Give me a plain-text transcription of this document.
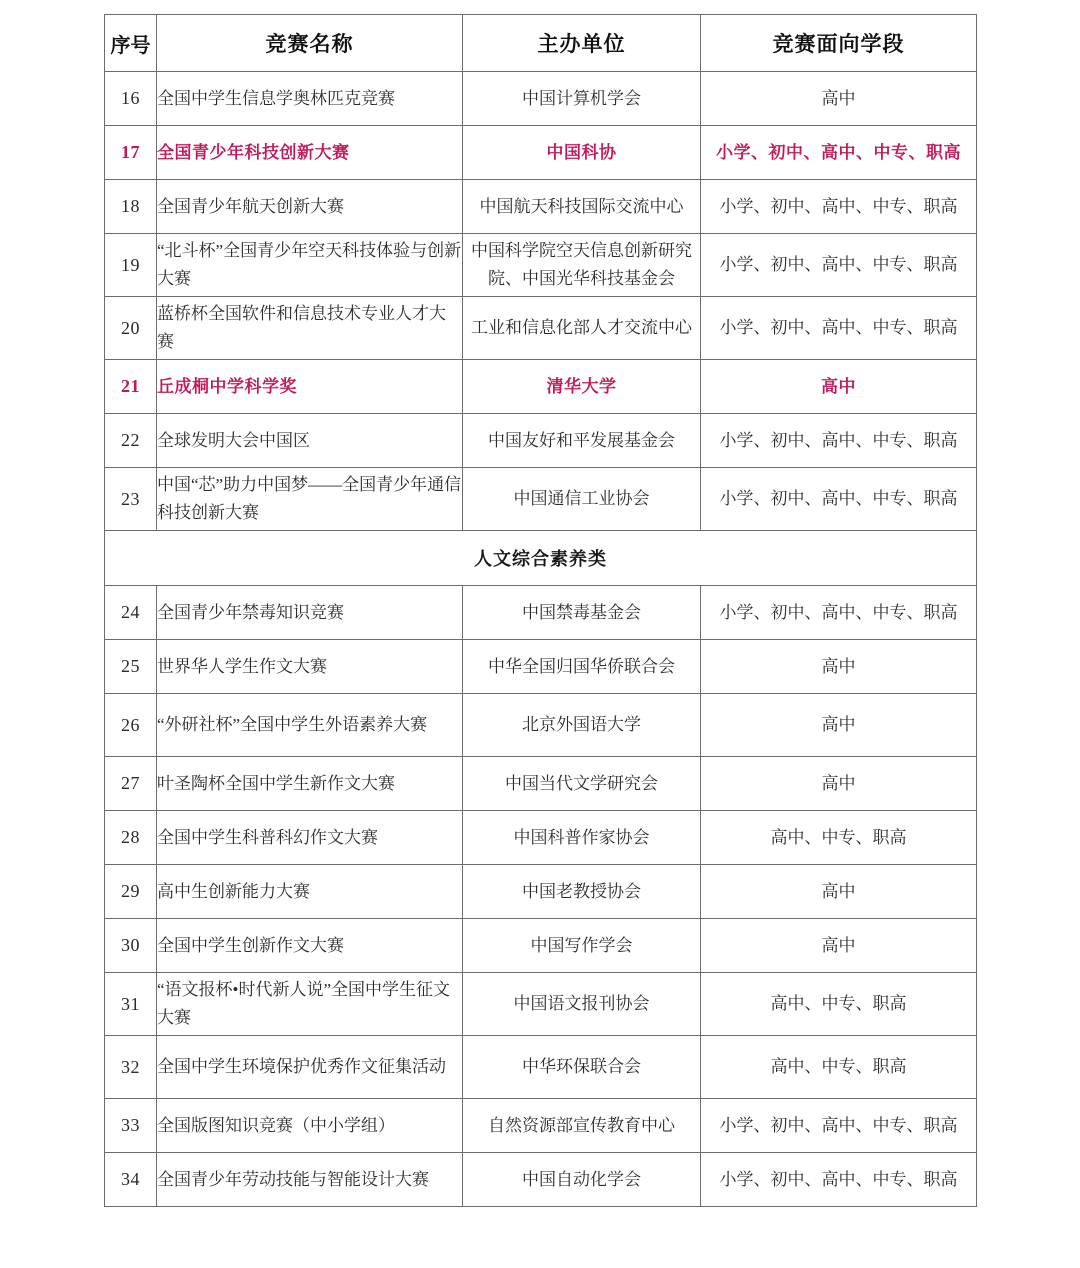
序号	竞赛名称	主办单位	竞赛面向学段
16	全国中学生信息学奥林匹克竞赛	中国计算机学会	高中
17	全国青少年科技创新大赛	中国科协	小学、初中、高中、中专、职高
18	全国青少年航天创新大赛	中国航天科技国际交流中心	小学、初中、高中、中专、职高
19	“北斗杯”全国青少年空天科技体验与创新大赛	中国科学院空天信息创新研究院、中国光华科技基金会	小学、初中、高中、中专、职高
20	蓝桥杯全国软件和信息技术专业人才大赛	工业和信息化部人才交流中心	小学、初中、高中、中专、职高
21	丘成桐中学科学奖	清华大学	高中
22	全球发明大会中国区	中国友好和平发展基金会	小学、初中、高中、中专、职高
23	中国“芯”助力中国梦——全国青少年通信科技创新大赛	中国通信工业协会	小学、初中、高中、中专、职高
人文综合素养类			
24	全国青少年禁毒知识竞赛	中国禁毒基金会	小学、初中、高中、中专、职高
25	世界华人学生作文大赛	中华全国归国华侨联合会	高中
26	“外研社杯”全国中学生外语素养大赛	北京外国语大学	高中
27	叶圣陶杯全国中学生新作文大赛	中国当代文学研究会	高中
28	全国中学生科普科幻作文大赛	中国科普作家协会	高中、中专、职高
29	高中生创新能力大赛	中国老教授协会	高中
30	全国中学生创新作文大赛	中国写作学会	高中
31	“语文报杯•时代新人说”全国中学生征文大赛	中国语文报刊协会	高中、中专、职高
32	全国中学生环境保护优秀作文征集活动	中华环保联合会	高中、中专、职高
33	全国版图知识竞赛（中小学组）	自然资源部宣传教育中心	小学、初中、高中、中专、职高
34	全国青少年劳动技能与智能设计大赛	中国自动化学会	小学、初中、高中、中专、职高
